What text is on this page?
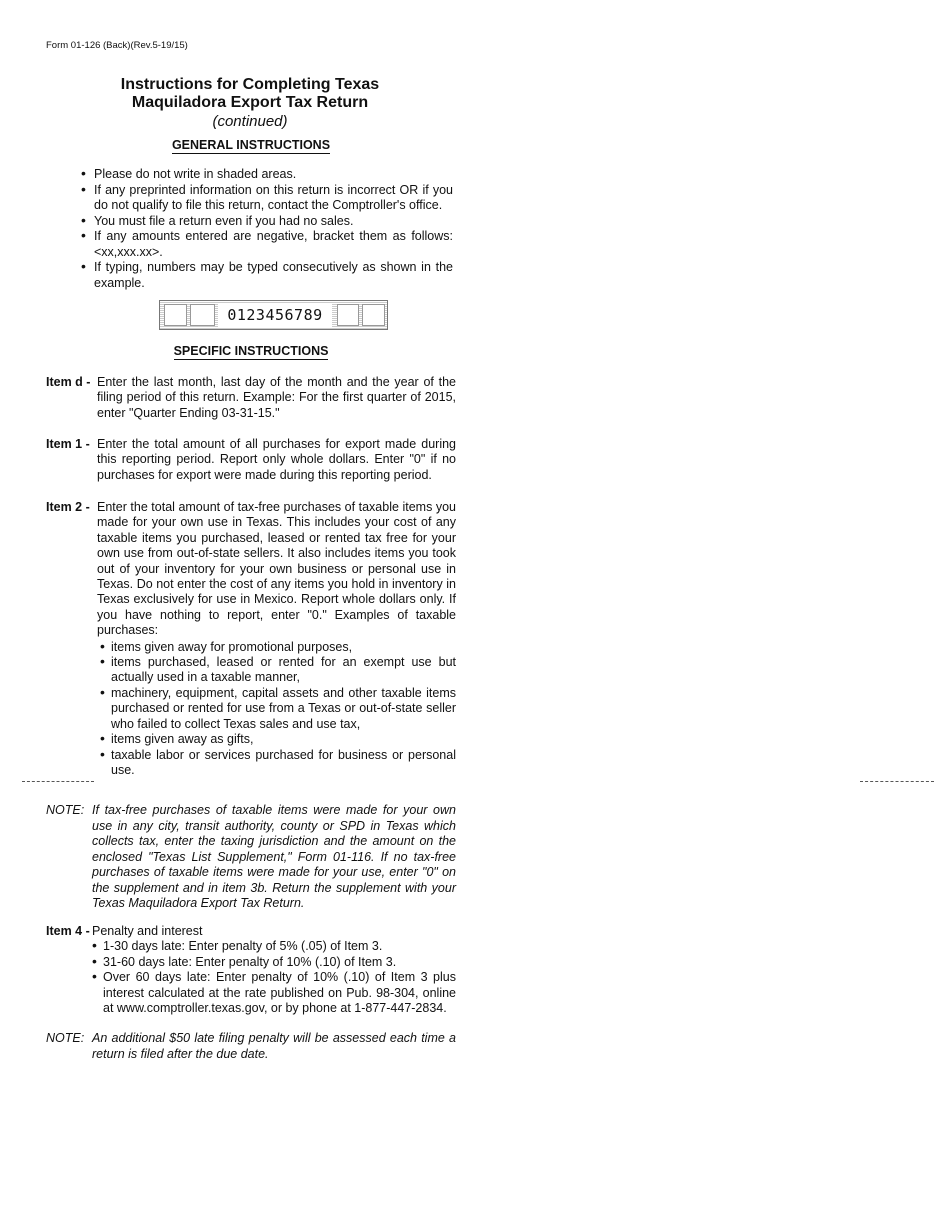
Form 01-126 (Back)(Rev.5-19/15)
Instructions for Completing Texas
Maquiladora Export Tax Return
(continued)
GENERAL INSTRUCTIONS
• Please do not write in shaded areas.
• If any preprinted information on this return is incorrect OR if you do not qualify to file this return, contact the Comptroller's office.
• You must file a return even if you had no sales.
• If any amounts entered are negative, bracket them as follows: <xx,xxx.xx>.
• If typing, numbers may be typed consecutively as shown in the example.
0123456789
SPECIFIC INSTRUCTIONS
Item d - Enter the last month, last day of the month and the year of the filing period of this return. Example: For the first quarter of 2015, enter "Quarter Ending 03-31-15."
Item 1 - Enter the total amount of all purchases for export made during this reporting period. Report only whole dollars. Enter "0" if no purchases for export were made during this reporting period.
Item 2 - Enter the total amount of tax-free purchases of taxable items you made for your own use in Texas. This includes your cost of any taxable items you purchased, leased or rented tax free for your own use from out-of-state sellers. It also includes items you took out of your inventory for your own business or personal use in Texas. Do not enter the cost of any items you hold in inventory in Texas exclusively for use in Mexico. Report whole dollars only. If you have nothing to report, enter "0." Examples of taxable purchases:
• items given away for promotional purposes,
• items purchased, leased or rented for an exempt use but actually used in a taxable manner,
• machinery, equipment, capital assets and other taxable items purchased or rented for use from a Texas or out-of-state seller who failed to collect Texas sales and use tax,
• items given away as gifts,
• taxable labor or services purchased for business or personal use.
NOTE: If tax-free purchases of taxable items were made for your own use in any city, transit authority, county or SPD in Texas which collects tax, enter the taxing jurisdiction and the amount on the enclosed "Texas List Supplement," Form 01-116. If no tax-free purchases of taxable items were made for your use, enter "0" on the supplement and in item 3b. Return the supplement with your Texas Maquiladora Export Tax Return.
Item 4 - Penalty and interest
• 1-30 days late: Enter penalty of 5% (.05) of Item 3.
• 31-60 days late: Enter penalty of 10% (.10) of Item 3.
• Over 60 days late: Enter penalty of 10% (.10) of Item 3 plus interest calculated at the rate published on Pub. 98-304, online at www.comptroller.texas.gov, or by phone at 1-877-447-2834.
NOTE: An additional $50 late filing penalty will be assessed each time a return is filed after the due date.
